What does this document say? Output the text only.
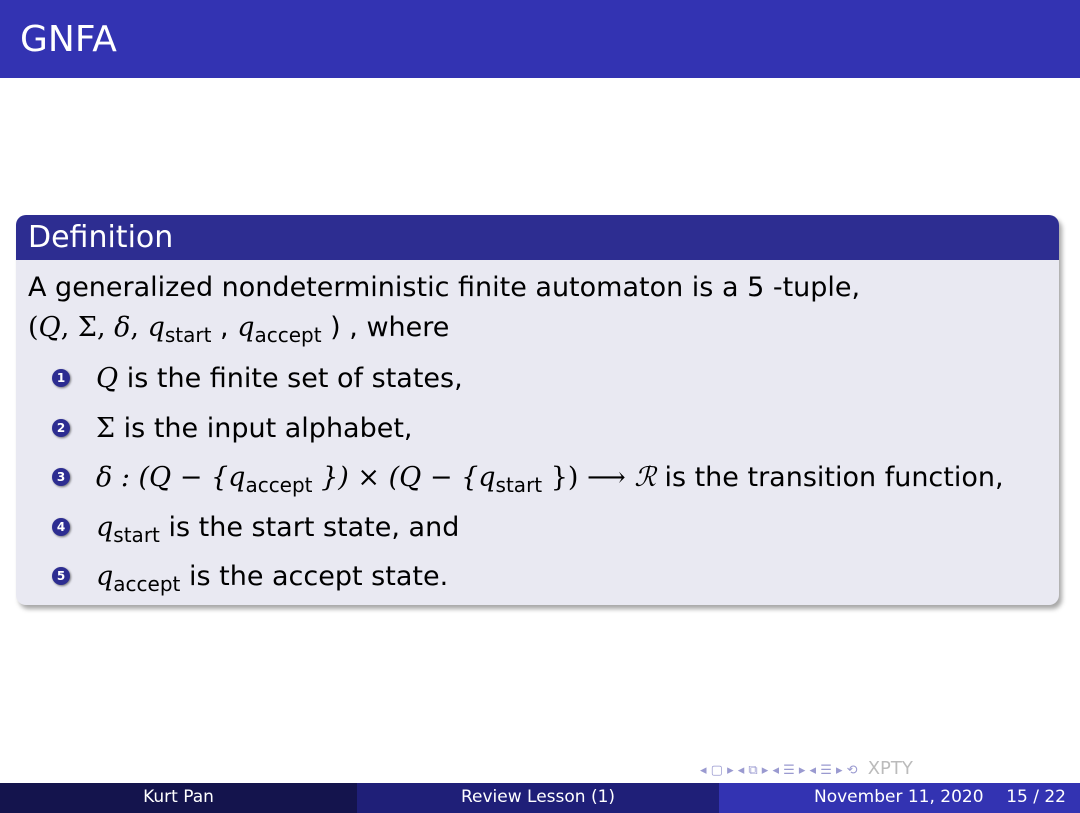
GNFA
Definition
A generalized nondeterministic finite automaton is a 5 -tuple,
(Q, Σ, δ, $q_{start}$ , $q_{accept}$ ) , where
1 Q is the finite set of states,
2 Σ is the input alphabet,
3 δ : ($Q - \{q_{accept}$ }) × ($Q - \{q_{start}$ }) ⟶ ℛ is the transition function,
4 $q_{start}$ is the start state, and
5 $q_{accept}$ is the accept state.
◂ ▢ ▸ ◂ ⧉ ▸ ◂ ☰ ▸ ◂ ☰ ▸ ⟲ XPTY
Kurt Pan	Review Lesson (1)	November 11, 2020 15 / 22
